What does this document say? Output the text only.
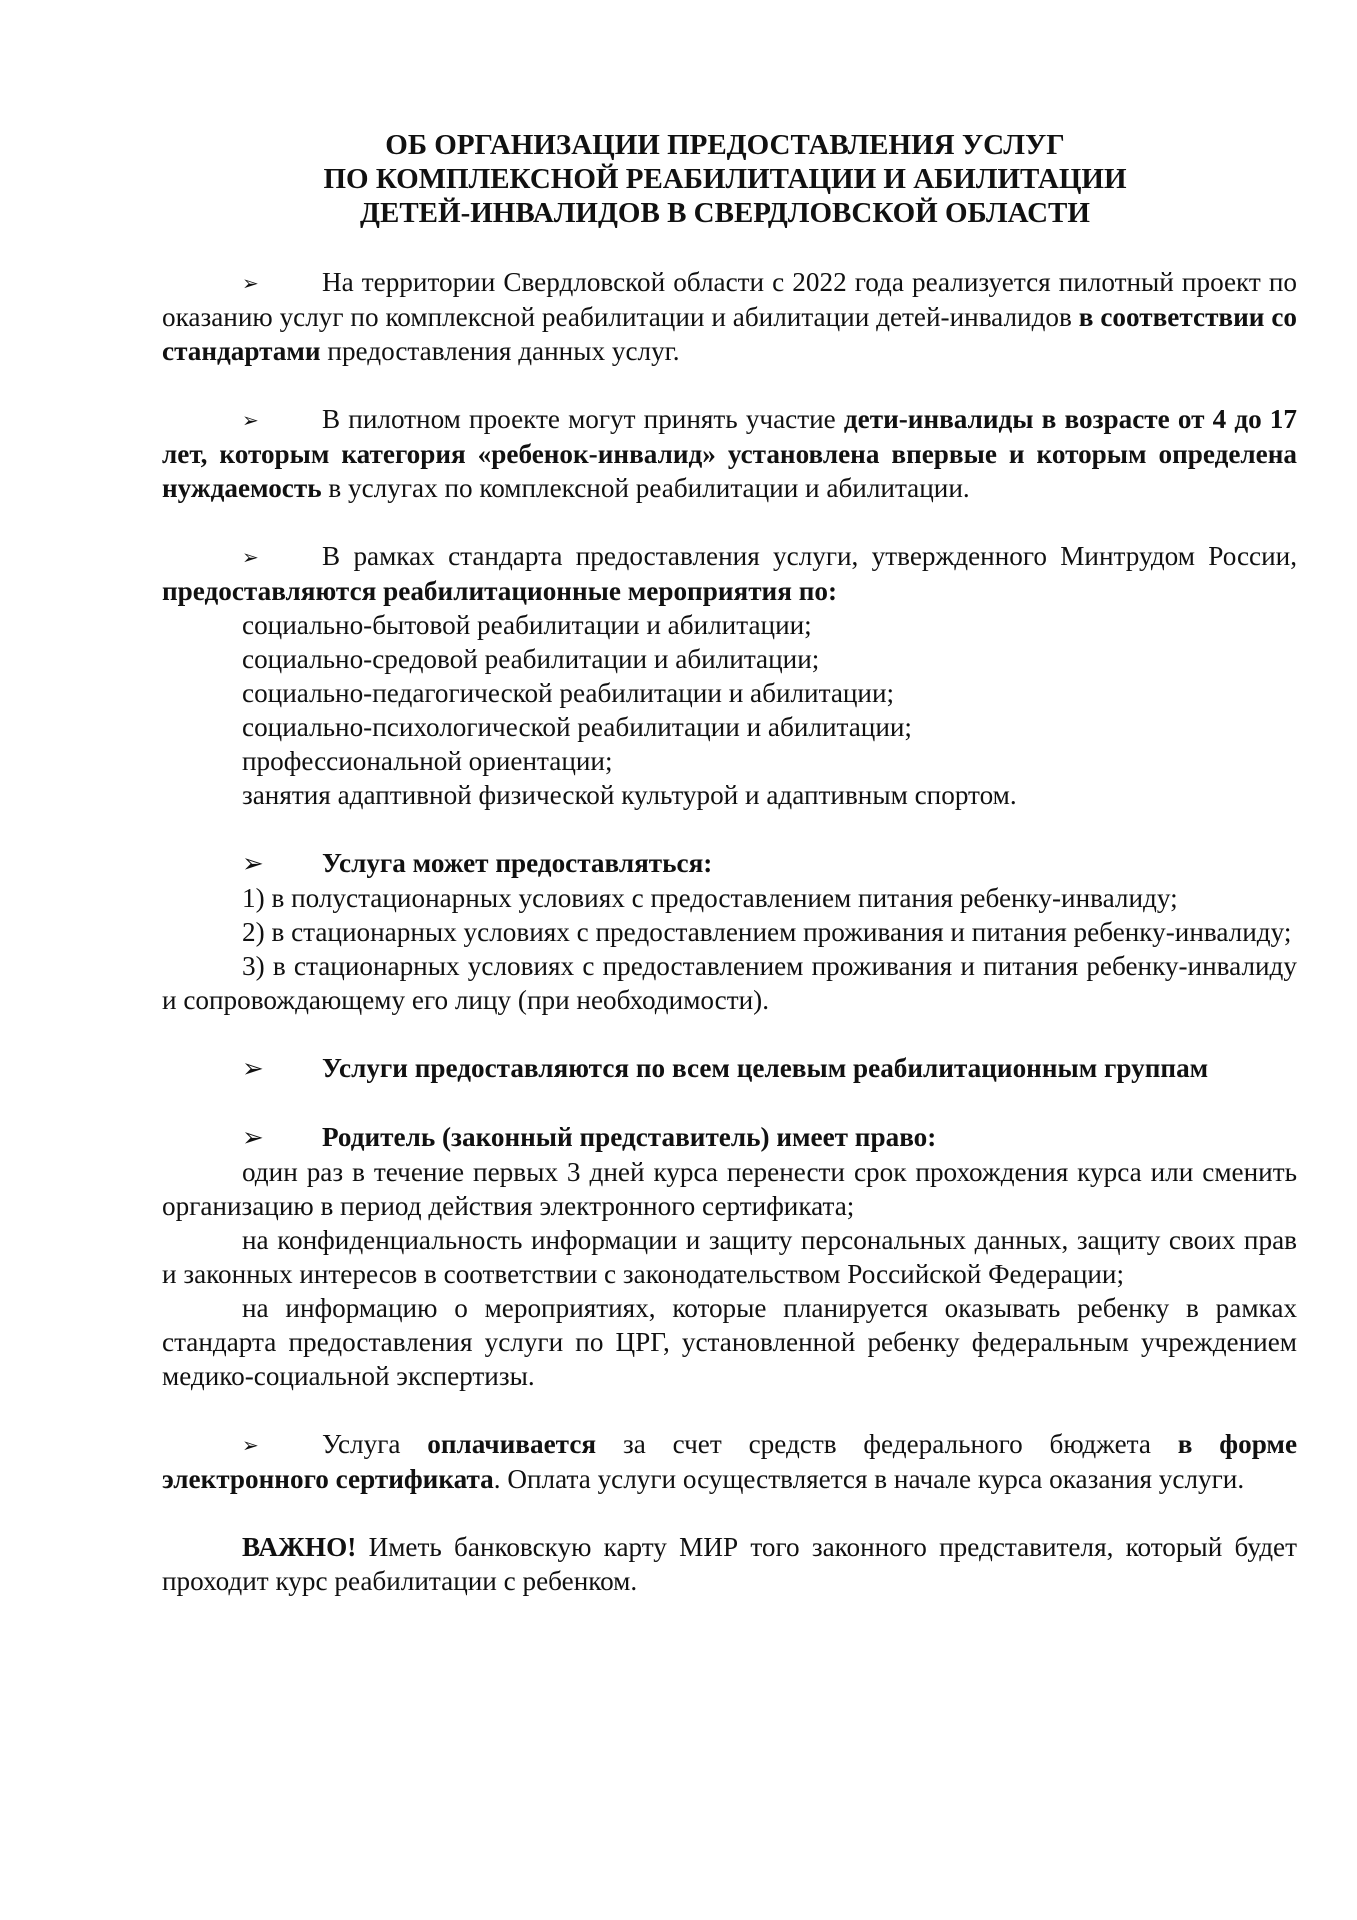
ОБ ОРГАНИЗАЦИИ ПРЕДОСТАВЛЕНИЯ УСЛУГ
ПО КОМПЛЕКСНОЙ РЕАБИЛИТАЦИИ И АБИЛИТАЦИИ
ДЕТЕЙ-ИНВАЛИДОВ В СВЕРДЛОВСКОЙ ОБЛАСТИ

➢ На территории Свердловской области с 2022 года реализуется пилотный проект по оказанию услуг по комплексной реабилитации и абилитации детей-инвалидов в соответствии со стандартами предоставления данных услуг.

➢ В пилотном проекте могут принять участие дети-инвалиды в возрасте от 4 до 17 лет, которым категория «ребенок-инвалид» установлена впервые и которым определена нуждаемость в услугах по комплексной реабилитации и абилитации.

➢ В рамках стандарта предоставления услуги, утвержденного Минтрудом России, предоставляются реабилитационные мероприятия по:

социально-бытовой реабилитации и абилитации;

социально-средовой реабилитации и абилитации;

социально-педагогической реабилитации и абилитации;

социально-психологической реабилитации и абилитации;

профессиональной ориентации;

занятия адаптивной физической культурой и адаптивным спортом.

➢ Услуга может предоставляться:

1) в полустационарных условиях с предоставлением питания ребенку-инвалиду;

2) в стационарных условиях с предоставлением проживания и питания ребенку-инвалиду;

3) в стационарных условиях с предоставлением проживания и питания ребенку-инвалиду и сопровождающему его лицу (при необходимости).

➢ Услуги предоставляются по всем целевым реабилитационным группам

➢ Родитель (законный представитель) имеет право:

один раз в течение первых 3 дней курса перенести срок прохождения курса или сменить организацию в период действия электронного сертификата;

на конфиденциальность информации и защиту персональных данных, защиту своих прав и законных интересов в соответствии с законодательством Российской Федерации;

на информацию о мероприятиях, которые планируется оказывать ребенку в рамках стандарта предоставления услуги по ЦРГ, установленной ребенку федеральным учреждением медико-социальной экспертизы.

➢ Услуга оплачивается за счет средств федерального бюджета в форме электронного сертификата. Оплата услуги осуществляется в начале курса оказания услуги.

ВАЖНО! Иметь банковскую карту МИР того законного представителя, который будет проходит курс реабилитации с ребенком.
